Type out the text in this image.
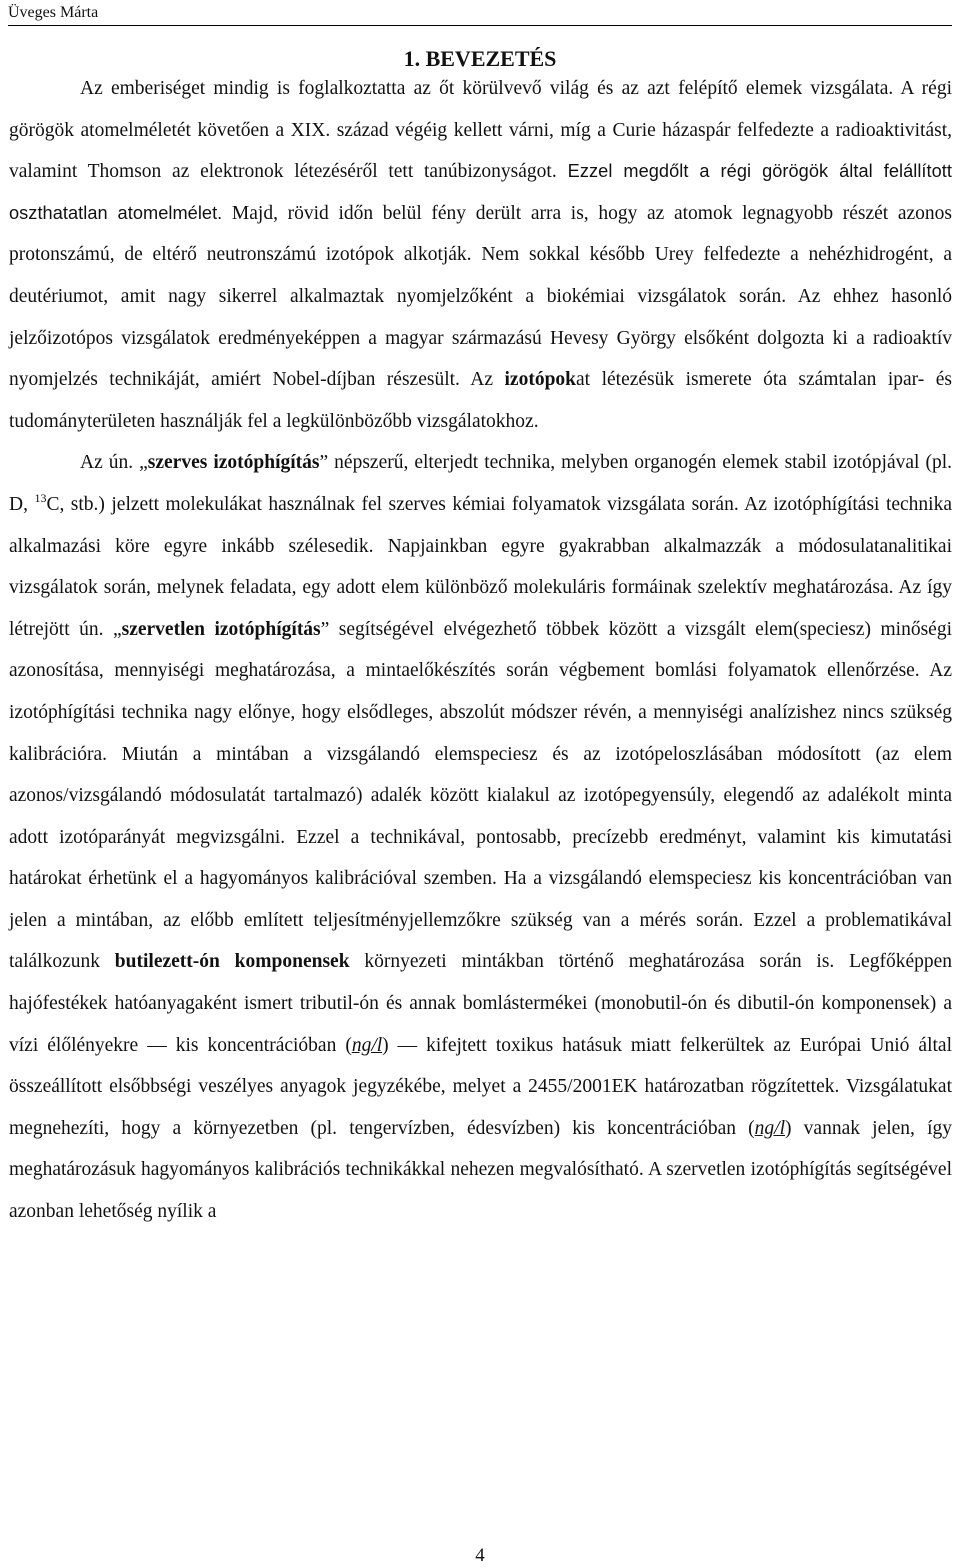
Üveges Márta
1. BEVEZETÉS

Az emberiséget mindig is foglalkoztatta az őt körülvevő világ és az azt felépítő elemek vizsgálata. A régi görögök atomelméletét követően a XIX. század végéig kellett várni, míg a Curie házaspár felfedezte a radioaktivitást, valamint Thomson az elektronok létezéséről tett tanúbizonyságot. Ezzel megdőlt a régi görögök által felállított oszthatatlan atomelmélet. Majd, rövid időn belül fény derült arra is, hogy az atomok legnagyobb részét azonos protonszámú, de eltérő neutronszámú izotópok alkotják. Nem sokkal később Urey felfedezte a nehézhidrogént, a deutériumot, amit nagy sikerrel alkalmaztak nyomjelzőként a biokémiai vizsgálatok során. Az ehhez hasonló jelzőizotópos vizsgálatok eredményeképpen a magyar származású Hevesy György elsőként dolgozta ki a radioaktív nyomjelzés technikáját, amiért Nobel-díjban részesült. Az izotópokat létezésük ismerete óta számtalan ipar- és tudományterületen használják fel a legkülönbözőbb vizsgálatokhoz.

Az ún. „szerves izotóphígítás” népszerű, elterjedt technika, melyben organogén elemek stabil izotópjával (pl. D, $^{13}$C, stb.) jelzett molekulákat használnak fel szerves kémiai folyamatok vizsgálata során. Az izotóphígítási technika alkalmazási köre egyre inkább szélesedik. Napjainkban egyre gyakrabban alkalmazzák a módosulatanalitikai vizsgálatok során, melynek feladata, egy adott elem különböző molekuláris formáinak szelektív meghatározása. Az így létrejött ún. „szervetlen izotóphígítás” segítségével elvégezhető többek között a vizsgált elem(speciesz) minőségi azonosítása, mennyiségi meghatározása, a mintaelőkészítés során végbement bomlási folyamatok ellenőrzése. Az izotóphígítási technika nagy előnye, hogy elsődleges, abszolút módszer révén, a mennyiségi analízishez nincs szükség kalibrációra. Miután a mintában a vizsgálandó elemspeciesz és az izotópeloszlásában módosított (az elem azonos/vizsgálandó módosulatát tartalmazó) adalék között kialakul az izotópegyensúly, elegendő az adalékolt minta adott izotóparányát megvizsgálni. Ezzel a technikával, pontosabb, precízebb eredményt, valamint kis kimutatási határokat érhetünk el a hagyományos kalibrációval szemben. Ha a vizsgálandó elemspeciesz kis koncentrációban van jelen a mintában, az előbb említett teljesítményjellemzőkre szükség van a mérés során. Ezzel a problematikával találkozunk butilezett-ón komponensek környezeti mintákban történő meghatározása során is. Legfőképpen hajófestékek hatóanyagaként ismert tributil-ón és annak bomlástermékei (monobutil-ón és dibutil-ón komponensek) a vízi élőlényekre — kis koncentrációban (ng/l) — kifejtett toxikus hatásuk miatt felkerültek az Európai Unió által összeállított elsőbbségi veszélyes anyagok jegyzékébe, melyet a 2455/2001EK határozatban rögzítettek. Vizsgálatukat megnehezíti, hogy a környezetben (pl. tengervízben, édesvízben) kis koncentrációban (ng/l) vannak jelen, így meghatározásuk hagyományos kalibrációs technikákkal nehezen megvalósítható. A szervetlen izotóphígítás segítségével azonban lehetőség nyílik a

4
